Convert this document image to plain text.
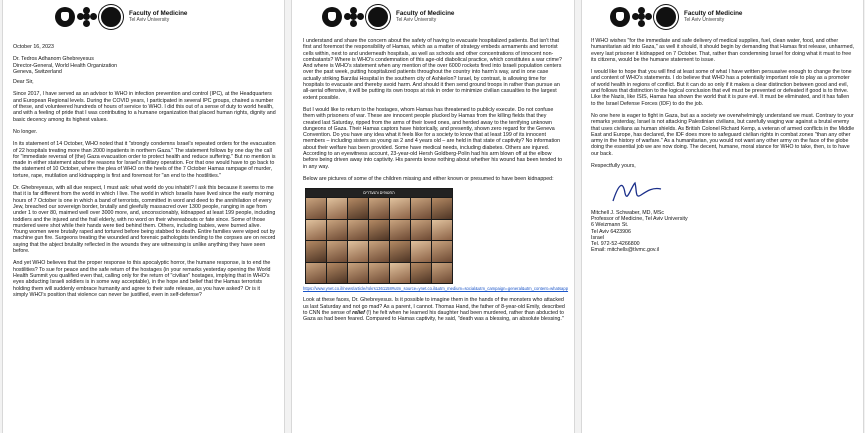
Faculty of Medicine
Tel Aviv University

October 16, 2023

Dr. Tedros Adhanom Ghebreyesus
Director-General, World Health Organization
Geneva, Switzerland

Dear Sir,

Since 2017, I have served as an advisor to WHO in infection prevention and control (IPC), at the Headquarters and European Regional levels. During the COVID years, I participated in several IPC groups, chaired a number of these, and volunteered hundreds of hours of service to WHO. I did this out of a sense of duty to world health, and with a feeling of pride that I was contributing to a humane organization that placed human rights, dignity and basic decency among its highest values.

No longer.

In its statement of 14 October, WHO noted that it "strongly condemns Israel's repeated orders for the evacuation of 22 hospitals treating more than 2000 inpatients in northern Gaza." The statement follows by one day the call for "immediate reversal of (the) Gaza evacuation order to protect health and reduce suffering." But no mention is made in either statement about the reasons for Israel's military operation. For that one would have to go back to the statement of 10 October, where the plea of WHO on the heels of the 7 October Hamas rampage of murder, torture, rape, mutilation and kidnapping is first and foremost for "an end to the hostilities."

Dr. Ghebreyesus, with all due respect, I must ask: what world do you inhabit? I ask this because it seems to me that it is far different from the world in which I live. The world in which Israelis have lived since the early morning hours of 7 October is one in which a band of terrorists, committed in word and deed to the annihilation of every Jew, breached our sovereign border, brutally and gleefully massacred over 1300 people, ranging in age from under 1 to over 80, maimed well over 3000 more, and, unconscionably, kidnapped at least 199 people, including toddlers and the injured and the frail elderly, with no word on their whereabouts or fate since. Some of those murdered were shot while their hands were tied behind them. Others, including babies, were burned alive. Young women were brutally raped and tortured before being stabbed to death. Entire families were wiped out by machine gun fire. Surgeons treating the wounded and forensic pathologists tending to the corpses are on record saying that the abject brutality reflected in the wounds they are witnessing is unlike anything they have seen before.

And yet WHO believes that the proper response to this apocalyptic horror, the humane response, is to end the hostilities? To sue for peace and the safe return of the hostages (in your remarks yesterday opening the World Health Summit you qualified even that, calling only for the return of "civilian" hostages, implying that in WHO's eyes abducting Israeli soldiers is in some way acceptable), in the hope and belief that the Hamas terrorists holding them will suddenly embrace humanity and agree to their safe release, as you have asked? Or is it simply WHO's position that violence can never be justified, even in self-defense?

Faculty of Medicine
Tel Aviv University

I understand and share the concern about the safety of having to evacuate hospitalized patients. But isn't that first and foremost the responsibility of Hamas, which as a matter of strategy embeds armaments and terrorist cells within, next to and underneath hospitals, as well as schools and other concentrations of innocent non-combatants? Where is WHO's condemnation of this age-old diabolical practice, which constitutes a war crime? And where is WHO's statement when any mention of the over 6000 rockets fired into Israeli population centers over the past week, putting hospitalized patients throughout the country into harm's way, and in one case actually striking Barzilai Hospital in the southern city of Ashkelon? Israel, by contrast, is allowing time for hospitals to evacuate and thereby avoid harm. And should it then send ground troops in rather than pursue an all-aerial offensive, it will be putting its own troops at risk in order to minimize civilian casualties to the largest extent possible.

But I would like to return to the hostages, whom Hamas has threatened to publicly execute. Do not confuse them with prisoners of war. These are innocent people plucked by Hamas from the killing fields that they created last Saturday, ripped from the arms of their loved ones, and herded away to the terrifying unknown dungeons of Gaza. Their Hamas captors have historically, and presently, shown zero regard for the Geneva Convention. Do you have any idea what it feels like for a society to know that at least 199 of its innocent members – including sisters as young as 2 and 4 years old – are held in that state of captivity? No information about their welfare has been provided. Some have medical needs, including diabetes. Others are injured. According to an eyewitness account, 23-year-old Hersh Goldberg-Polin had his arm blown off at the elbow before being driven away into captivity. His parents know nothing about whether his wound has been tended to in any way.

Below are pictures of some of the children missing and either known or presumed to have been kidnapped:

החטופים והנעדרים
https://www.ynet.co.il/news/article/rokrs1361158#utm_source=ynet.co.il&utm_medium=social&utm_campaign=general&utm_content=whatsapp

Look at these faces, Dr. Ghebreyesus. Is it possible to imagine them in the hands of the monsters who attacked us last Saturday and not go mad? As a parent, I cannot. Thomas Hand, the father of 8-year-old Emily, described to CNN the sense of relief (!) he felt when he learned his daughter had been murdered, rather than abducted to Gaza as had been feared. Compared to Hamas captivity, he said, "death was a blessing, an absolute blessing."

Faculty of Medicine
Tel Aviv University

If WHO wishes "for the immediate and safe delivery of medical supplies, fuel, clean water, food, and other humanitarian aid into Gaza," as well it should, it should begin by demanding that Hamas first release, unharmed, every last prisoner it kidnapped on 7 October. That, rather than condemning Israel for doing what it must to free its citizens, would be the humane statement to issue.

I would like to hope that you will find at least some of what I have written persuasive enough to change the tone and content of WHO's statements. I do believe that WHO has a potentially important role to play as a promoter of world health in regions of conflict. But it can do so only if it makes a clear distinction between good and evil, and follows that distinction to the logical conclusion that evil must be prevented or defeated if good is to thrive. Like the Nazis, like ISIS, Hamas has shown the world that it is pure evil. It must be eliminated, and it has fallen to the Israel Defense Forces (IDF) to do the job.

No one here is eager to fight in Gaza, but as a society we overwhelmingly understand we must. Contrary to your remarks yesterday, Israel is not attacking Palestinian civilians, but carefully waging war against a brutal enemy that uses civilians as human shields. As British Colonel Richard Kemp, a veteran of armed conflicts in the Middle East and Europe, has declared, the IDF does more to safeguard civilian rights in combat zones "than any other army in the history of warfare." As a humanitarian, you would not want any other army on the face of the globe doing the essential job we are now doing. The decent, humane, moral stance for WHO to take, then, is to have our back.

Respectfully yours,

Mitchell J. Schwaber, MD, MSc

Professor of Medicine, Tel Aviv University

6 Weizmann St.

Tel Aviv 6423906

Israel

Tel. 972-52-4266800

Email: mitchells@tlvmc.gov.il
